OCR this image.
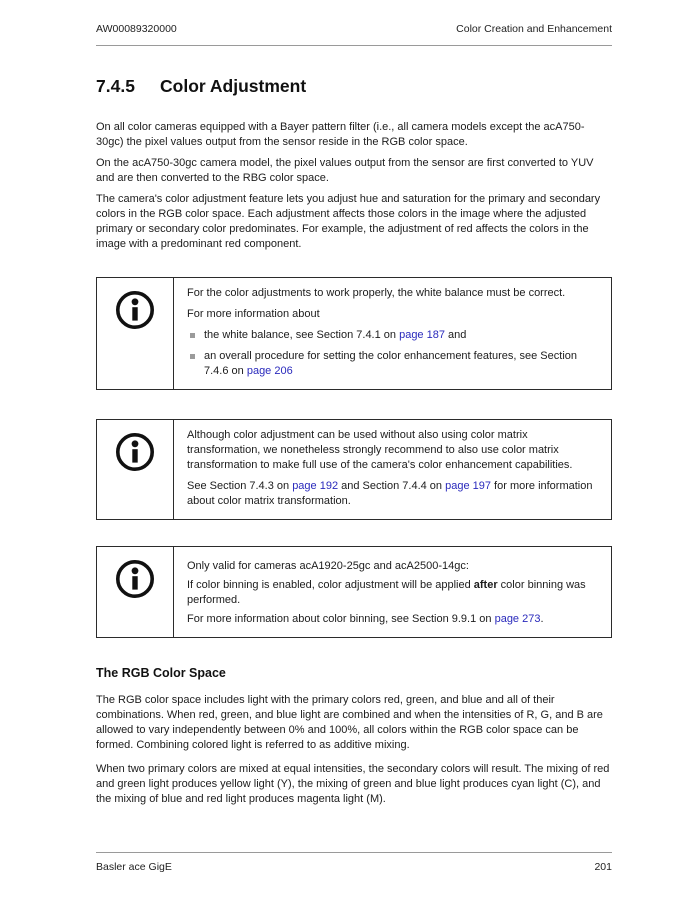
AW00089320000	Color Creation and Enhancement
7.4.5	Color Adjustment

On all color cameras equipped with a Bayer pattern filter (i.e., all camera models except the acA750-30gc) the pixel values output from the sensor reside in the RGB color space.

On the acA750-30gc camera model, the pixel values output from the sensor are first converted to YUV and are then converted to the RBG color space.

The camera's color adjustment feature lets you adjust hue and saturation for the primary and secondary colors in the RGB color space. Each adjustment affects those colors in the image where the adjusted primary or secondary color predominates. For example, the adjustment of red affects the colors in the image with a predominant red component.

For the color adjustments to work properly, the white balance must be correct.

For more information about

the white balance, see Section 7.4.1 on page 187 and

an overall procedure for setting the color enhancement features, see Section 7.4.6 on page 206

Although color adjustment can be used without also using color matrix transformation, we nonetheless strongly recommend to also use color matrix transformation to make full use of the camera's color enhancement capabilities.

See Section 7.4.3 on page 192 and Section 7.4.4 on page 197 for more information about color matrix transformation.

Only valid for cameras acA1920-25gc and acA2500-14gc:

If color binning is enabled, color adjustment will be applied after color binning was performed.

For more information about color binning, see Section 9.9.1 on page 273.

The RGB Color Space

The RGB color space includes light with the primary colors red, green, and blue and all of their combinations. When red, green, and blue light are combined and when the intensities of R, G, and B are allowed to vary independently between 0% and 100%, all colors within the RGB color space can be formed. Combining colored light is referred to as additive mixing.

When two primary colors are mixed at equal intensities, the secondary colors will result. The mixing of red and green light produces yellow light (Y), the mixing of green and blue light produces cyan light (C), and the mixing of blue and red light produces magenta light (M).

Basler ace GigE	201
